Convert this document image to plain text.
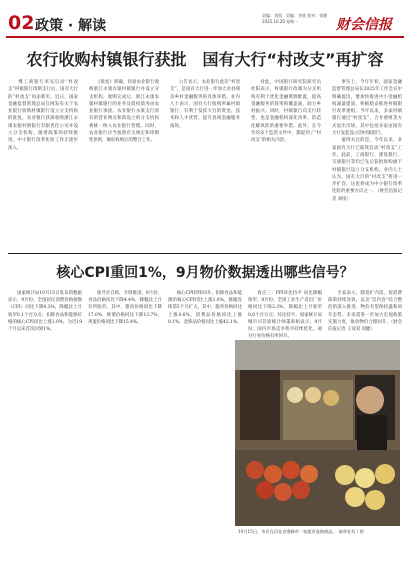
02 政策 · 解读
责编：刘凯　美编：李欣 校对：张健
2025.10.20 星期一	财会信报
农行收购村镇银行获批　国有大行“村改支”再扩容
　　继工商银行率先启动“村改支”村镇银行改制支行后，国有大行的“村改支”再添新军。近日，国家金融监督管理总局官网发布关于农业银行收购村镇银行设立分支机构的批复。农业银行获准收购浙江永康农银村镇银行有限责任公司并设立分支机构。随着政策的持续推进，中小银行改革化险工作正逐步深入。
　　《批复》明确，同意农业银行收购浙江永康农银村镇银行并设立分支机构，收购完成后，浙江永康农银村镇银行的业务及债权债务由农业银行承接。农业银行永康支行原有的营业网点和新设立的分支机构将统一纳入农业银行管理。同时，农业银行应当按照有关规定和审慎性原则，做好收购后的整合工作。
　　公告显示，农业银行此次“村改支”，是国有大行进一步加大对县域及乡村金融服务的具体举措。业内人士表示，国有大行收购所属村镇银行，有利于发挥大行的资金、技术和人才优势，提升县域金融服务质效。
　　对此，中国银行研究院研究员杜阳表示，村镇银行改制为分支机构有利于优化金融资源配置，提高金融服务的效率和覆盖面，助力乡村振兴。同时，村镇银行向支行转型，也是金融机构深化改革、防范化解风险的重要举措。此外，在今年的多个监管文件中，都提到了“村改支”的相关内容。
　　事实上，今年年初，国家金融监督管理总局在2025年工作会议中明确提出，要加快推进中小金融机构减量提质，积极稳妥推进村镇银行改革重组。今年以来，多家村镇银行通过“村改支”、合并重组等方式退出市场，其中包括多家由国有大行发起设立的村镇银行。
　　值得关注的是，今年以来，多家国有大行已陆续启动“村改支”工作。此前，工商银行、建设银行、交通银行等均已先后获批收购旗下村镇银行设立分支机构。业内人士认为，国有大行的“村改支”将进一步扩容，这也将成为中小银行改革化险的重要方向之一。（财会信报记者 刘彤）
核心CPI重回1%，9月物价数据透出哪些信号？
　　国家统计局10月15日发布的数据显示，9月份，全国居民消费价格指数（CPI）同比下降0.3%，降幅比上月收窄0.1个百分点；扣除食品和能源价格的核心CPI同比上涨1.0%，为近19个月以来首次回到1%。
　　领导亲自抓，专班推进。9月份，食品价格同比下降4.4%，降幅比上月有所收窄。其中，猪肉价格同比下降17.0%，鲜菜价格同比下降13.7%，鸡蛋价格同比下降15.4%。
　　核心CPI持续回升。扣除食品和能源的核心CPI同比上涨1.0%，涨幅连续第5个月扩大。其中，服务价格同比上涨0.6%，消费品价格同比上涨0.1%，金饰品价格同比上涨42.1%。
　　看点三：PPI环比持平 同比降幅收窄。9月份，全国工业生产者出厂价格同比下降2.3%，降幅比上月收窄0.6个百分点；环比持平。国家统计局城市司首席统计师董莉娟表示，9月份，国内市场竞争秩序持续优化，部分行业价格有所回升。
　　专家表示，随着扩内需、促消费政策持续显效，以及“反内卷”综合整治的深入推进，物价有望保持温和回升态势。未来需进一步加大宏观政策实施力度，推动物价合理回升。（财会信报记者 王双双 刘健）
10月15日，市民在河北省邯郸市一家超市选购商品。　新华社发 / 图
